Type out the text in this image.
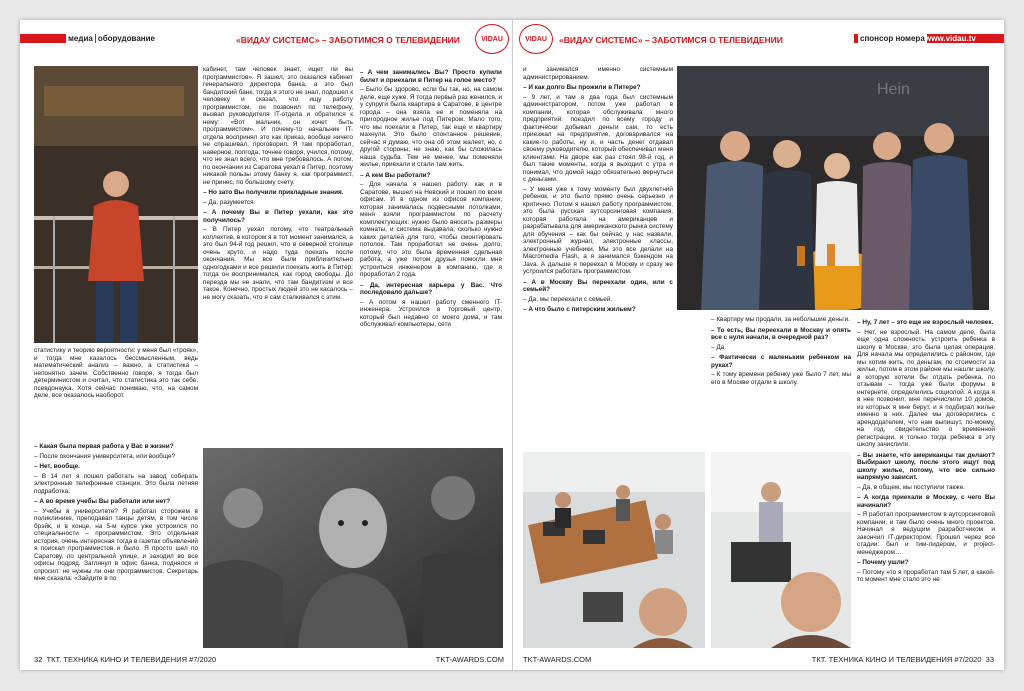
медиа оборудование	«ВИДАУ СИСТЕМС» – ЗАБОТИМСЯ О ТЕЛЕВИДЕНИИ	VIDAU

статистику и теорию вероятности: у меня был «трояк», и тогда мне казалось бессмысленным, ведь математический анализ – важно, а статистика – непонятно зачем. Собственно говоря, я тогда был детерминистом и считал, что статистика это так себе, псевдонаука. Хотя сейчас понимаю, что, на самом деле, все оказалось наоборот.

– Какая была первая работа у Вас в жизни?

– После окончания университета, или вообще?

– Нет, вообще.

– В 14 лет я пошел работать на завод собирать электронные телефонные станции. Это была летняя подработка.

– А во время учебы Вы работали или нет?

– Учебы в университете? Я работал сторожем в поликлинике, преподавал танцы детям, в том числе брэйк, и в конце, на 5-м курсе уже устроился по специальности – программистом. Это отдельная история, очень интересная тогда в газетах объявлений я поискал программистов и было. Я просто шел по Саратову, по центральной улице, и заходил во все офисы подряд. Заглянул в офис банка, поднялся и спросил: не нужны ли они программистов. Секретарь мне сказала: «Зайдите в по

кабинет, там человек знает, ищет ли вы программистов». Я зашел, это оказался кабинет генерального директора банка, а это был бандитский банк, тогда я этого не знал, подошел к человеку и сказал, что ищу работу программистом, он позвонил по телефону, вызвал руководителя IT-отдела и обратился к нему: «Вот мальчик, он хочет быть программистом». И почему-то начальник IT-отдела воспринял это как приказ, вообще ничего не спрашивал, проговорил. Я там проработал, наверное, полгода, точнее говоря, учился, потому, что не знал всего, что мне требовалось. А потом, по окончании из Саратова уехал в Питер, поэтому никакой пользы этому банку я, как программист, не принес, по большому счету.

– Но зато Вы получили прикладные знания.

– Да, разумеется.

– А почему Вы в Питер уехали, как это получилось?

– В Питер уехал потому, что театральный коллектив, в котором я в тот момент занимался, а это был 94-й год решил, что в северной столице очень круто, и надо туда поехать после окончания. Мы все были приблизительно одногодками и все решили поехать жить в Питер: тогда он воспринимался, как город свободы. До перезда мы не знали, что там бандитизм и все такое. Конечно, простых людей это не касалось – не могу сказать, что я сам сталкивался с этим.

– А чем занимались Вы? Просто купили билет и приехали в Питер на голое место?

– Было бы здорово, если бы так, но, на самом деле, еще хуже. Я тогда первый раз женился, и у супруги была квартира в Саратове, в центре города – она взяла ее и поменяла на пригородное жилье под Питером. Мало того, что мы поехали в Питер, так еще и квартиру махнули. Это было спонтанное решение, сейчас я думаю, что она об этом жалеет, но, с другой стороны, не знаю, как бы сложилась наша судьба. Тем не менее, мы поменяли жилье, приехали и стали там жить.

– А кем Вы работали?

– Для начала я нашел работу: как и в Саратове, вышел на Невский и пошел по всем офисам. И в одном из офисов компании, которая занималась подвесными потолками, меня взяли программистом по расчету комплектующих: нужно было вносить размеры комнаты, и система выдавала, сколько нужно каких деталей для того, чтобы смонтировать потолок. Там проработал не очень долго, потому, что это была временная сдельная работа, а уже потом друзья помогли мне устроиться инженером в компанию, где я проработал 2 года.

– Да, интересная карьера у Вас. Что последовало дальше?

– А потом я нашел работу сменного IT-инженера. Устроился в торговый центр, который был недавно от моего дома, и там обслуживал компьютеры, сети

32 ТКТ. ТЕХНИКА КИНО И ТЕЛЕВИДЕНИЯ #7/2020	TKT-AWARDS.COM
VIDAU «ВИДАУ СИСТЕМС» – ЗАБОТИМСЯ О ТЕЛЕВИДЕНИИ	спонсор номера www.vidau.tv

и занимался именно системным администрированием.

– И как долго Вы прожили в Питере?

– 9 лет, и там я два года был системным администратором, потом уже работал в компании, которая обслуживала много предприятий: поездил по всему городу и фактически добывал деньги сам, то есть приезжал на предприятие, договаривался на какие-то работы, ну и, и часть денег отдавал своему руководителю, который обеспечивал меня клиентами. На дворе как раз стоял 98-й год, и был такие моменты, когда я выходил с утра и понимал, что домой надо обязательно вернуться с деньгами.

– У меня уже к тому моменту был двухлетний ребенок, и это было прямо очень серьезно и критично. Потом я нашел работу программистом, это была русская аутсорсинговая компания, которая работала на американцев и разрабатывала для американского рынка систему для обучения – как бы сейчас у нас назвали, электронный журнал, электронные классы, электронные учебники. Мы это все делали на Macromedia Flash, а я занимался бэкендом на Java. А дальше я переехал в Москву и сразу же устроился работать программистом.

– А в Москву Вы переехали один, или с семьей?

– Да, мы переехали с семьей.

– А что было с питерским жильем?

Hein

– Квартиру мы продали, за небольшие деньги.

– То есть, Вы переехали в Москву и опять все с нуля начали, в очередной раз?

– Да.

– Фактически с маленьким ребенком на руках?

– К тому времени ребенку уже было 7 лет, мы его в Москве отдали в школу.

– Ну, 7 лет – это еще не взрослый человек.

– Нет, не взрослый. На самом деле, была еще одна сложность: устроить ребенка в школу в Москве, это была целая операция. Для начала мы определились с районом, где мы хотим жить, по деньгам, по стоимости за жилье, потом в этом районе мы нашли школу, в которую хотели бы отдать ребенка, по отзывам – тогда уже были форумы в интернете, определились социолой. А когда я в нее позвонил, мне перечислили 10 домов, из которых я мне берут, и я подбирал жилье именно в них. Далее мы договорились с арендодателем, что нам выпишут, по-моему, на год, свидетельство о временной регистрации, и только тогда ребенка в эту школу зачислили.

– Вы знаете, что американцы так делают? Выбирают школу, после этого ищут под школу жилье, потому, что все сильно напрямую зависит.

– Да, в общем, мы поступили также.

– А когда приехали в Москву, с чего Вы начинали?

– Я работал программистом в аутсорсинговой компании, и там было очень много проектов. Начинал я ведущим разработчиком и закончил IT-директором. Прошел через все стадии: был и тим-лидером, и project-менеджером…

– Почему ушли?

– Потому что я проработал там 5 лет, в какой-то момент мне стало это не

TKT-AWARDS.COM	ТКТ. ТЕХНИКА КИНО И ТЕЛЕВИДЕНИЯ #7/2020 33
